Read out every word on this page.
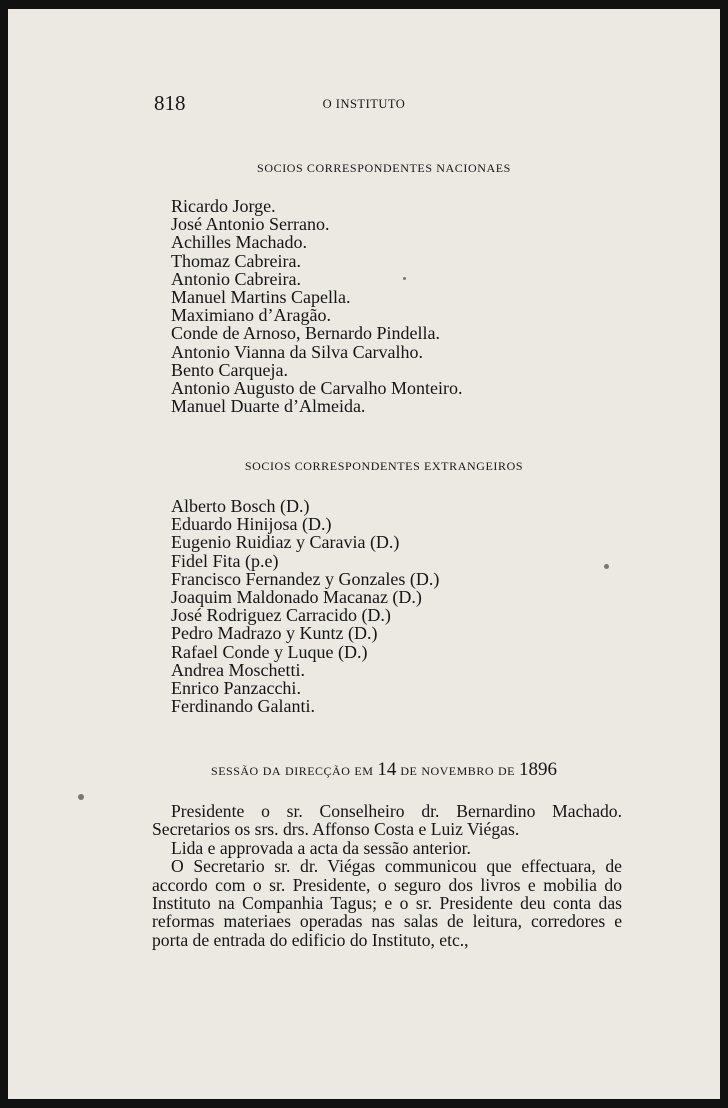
818	O INSTITUTO

SOCIOS CORRESPONDENTES NACIONAES

Ricardo Jorge.
José Antonio Serrano.
Achilles Machado.
Thomaz Cabreira.
Antonio Cabreira.
Manuel Martins Capella.
Maximiano d’Aragão.
Conde de Arnoso, Bernardo Pindella.
Antonio Vianna da Silva Carvalho.
Bento Carqueja.
Antonio Augusto de Carvalho Monteiro.
Manuel Duarte d’Almeida.

SOCIOS CORRESPONDENTES EXTRANGEIROS

Alberto Bosch (D.)
Eduardo Hinijosa (D.)
Eugenio Ruidiaz y Caravia (D.)
Fidel Fita (p.e)
Francisco Fernandez y Gonzales (D.)
Joaquim Maldonado Macanaz (D.)
José Rodriguez Carracido (D.)
Pedro Madrazo y Kuntz (D.)
Rafael Conde y Luque (D.)
Andrea Moschetti.
Enrico Panzacchi.
Ferdinando Galanti.

SESSÃO DA DIRECÇÃO EM 14 DE NOVEMBRO DE 1896

Presidente o sr. Conselheiro dr. Bernardino Machado. Secretarios os srs. drs. Affonso Costa e Luiz Viégas.

Lida e approvada a acta da sessão anterior.

O Secretario sr. dr. Viégas communicou que effectuara, de accordo com o sr. Presidente, o seguro dos livros e mobilia do Instituto na Companhia Tagus; e o sr. Presidente deu conta das reformas materiaes operadas nas salas de leitura, corredores e porta de entrada do edificio do Instituto, etc.,
